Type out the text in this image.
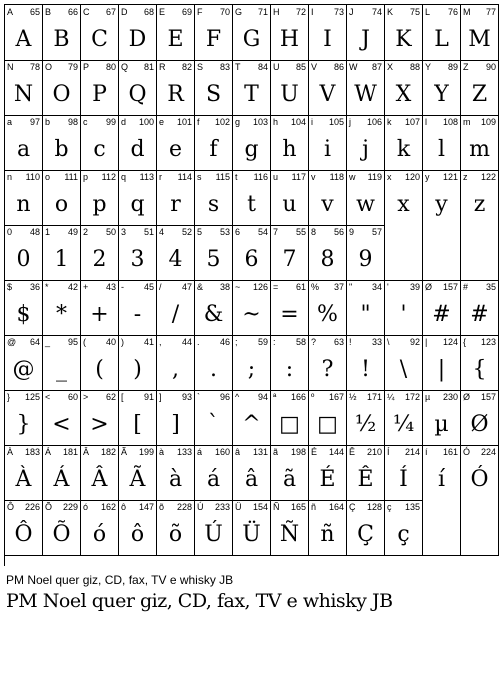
A 65
A
B 66
B
C 67
C
D 68
D
E 69
E
F 70
F
G 71
G
H 72
H
I 73
I
J 74
J
K 75
K
L 76
L
M 77
M
N 78
N
O 79
O
P 80
P
Q 81
Q
R 82
R
S 83
S
T 84
T
U 85
U
V 86
V
W 87
W
X 88
X
Y 89
Y
Z 90
Z
a 97
a
b 98
b
c 99
c
d 100
d
e 101
e
f 102
f
g 103
g
h 104
h
i 105
i
j 106
j
k 107
k
l 108
l
m 109
m
n 110
n
o 111
o
p 112
p
q 113
q
r 114
r
s 115
s
t 116
t
u 117
u
v 118
v
w 119
w
x 120
x
y 121
y
z 122
z
0 48
0
1 49
1
2 50
2
3 51
3
4 52
4
5 53
5
6 54
6
7 55
7
8 56
8
9 57
9
$ 36
$
* 42
*
+ 43
+
- 45
-
/ 47
/
& 38
&
~ 126
~
= 61
=
% 37
%
" 34
"
' 39
'
Ø 157
#
# 35
#
@ 64
@
_ 95
_
( 40
(
) 41
)
, 44
,
. 46
.
; 59
;
: 58
:
? 63
?
! 33
!
\ 92
\
| 124
|
{ 123
{
} 125
}
< 60
<
> 62
>
[ 91
[
] 93
]
` 96
`
^ 94
^
ª 166
□
º 167
□
½ 171
½
¼ 172
¼
µ 230
µ
Ø 157
Ø
À 183
À
Á 181
Á
Â 182
Â
Ã 199
Ã
à 133
à
á 160
á
â 131
â
ã 198
ã
É 144
É
Ê 210
Ê
Í 214
Í
í 161
í
Ó 224
Ó
Ô 226
Ô
Õ 229
Õ
ó 162
ó
ô 147
ô
õ 228
õ
Ú 233
Ú
Ü 154
Ü
Ñ 165
Ñ
ñ 164
ñ
Ç 128
Ç
ç 135
ç
PM Noel quer giz, CD, fax, TV e whisky JB
PM Noel quer giz, CD, fax, TV e whisky JB
